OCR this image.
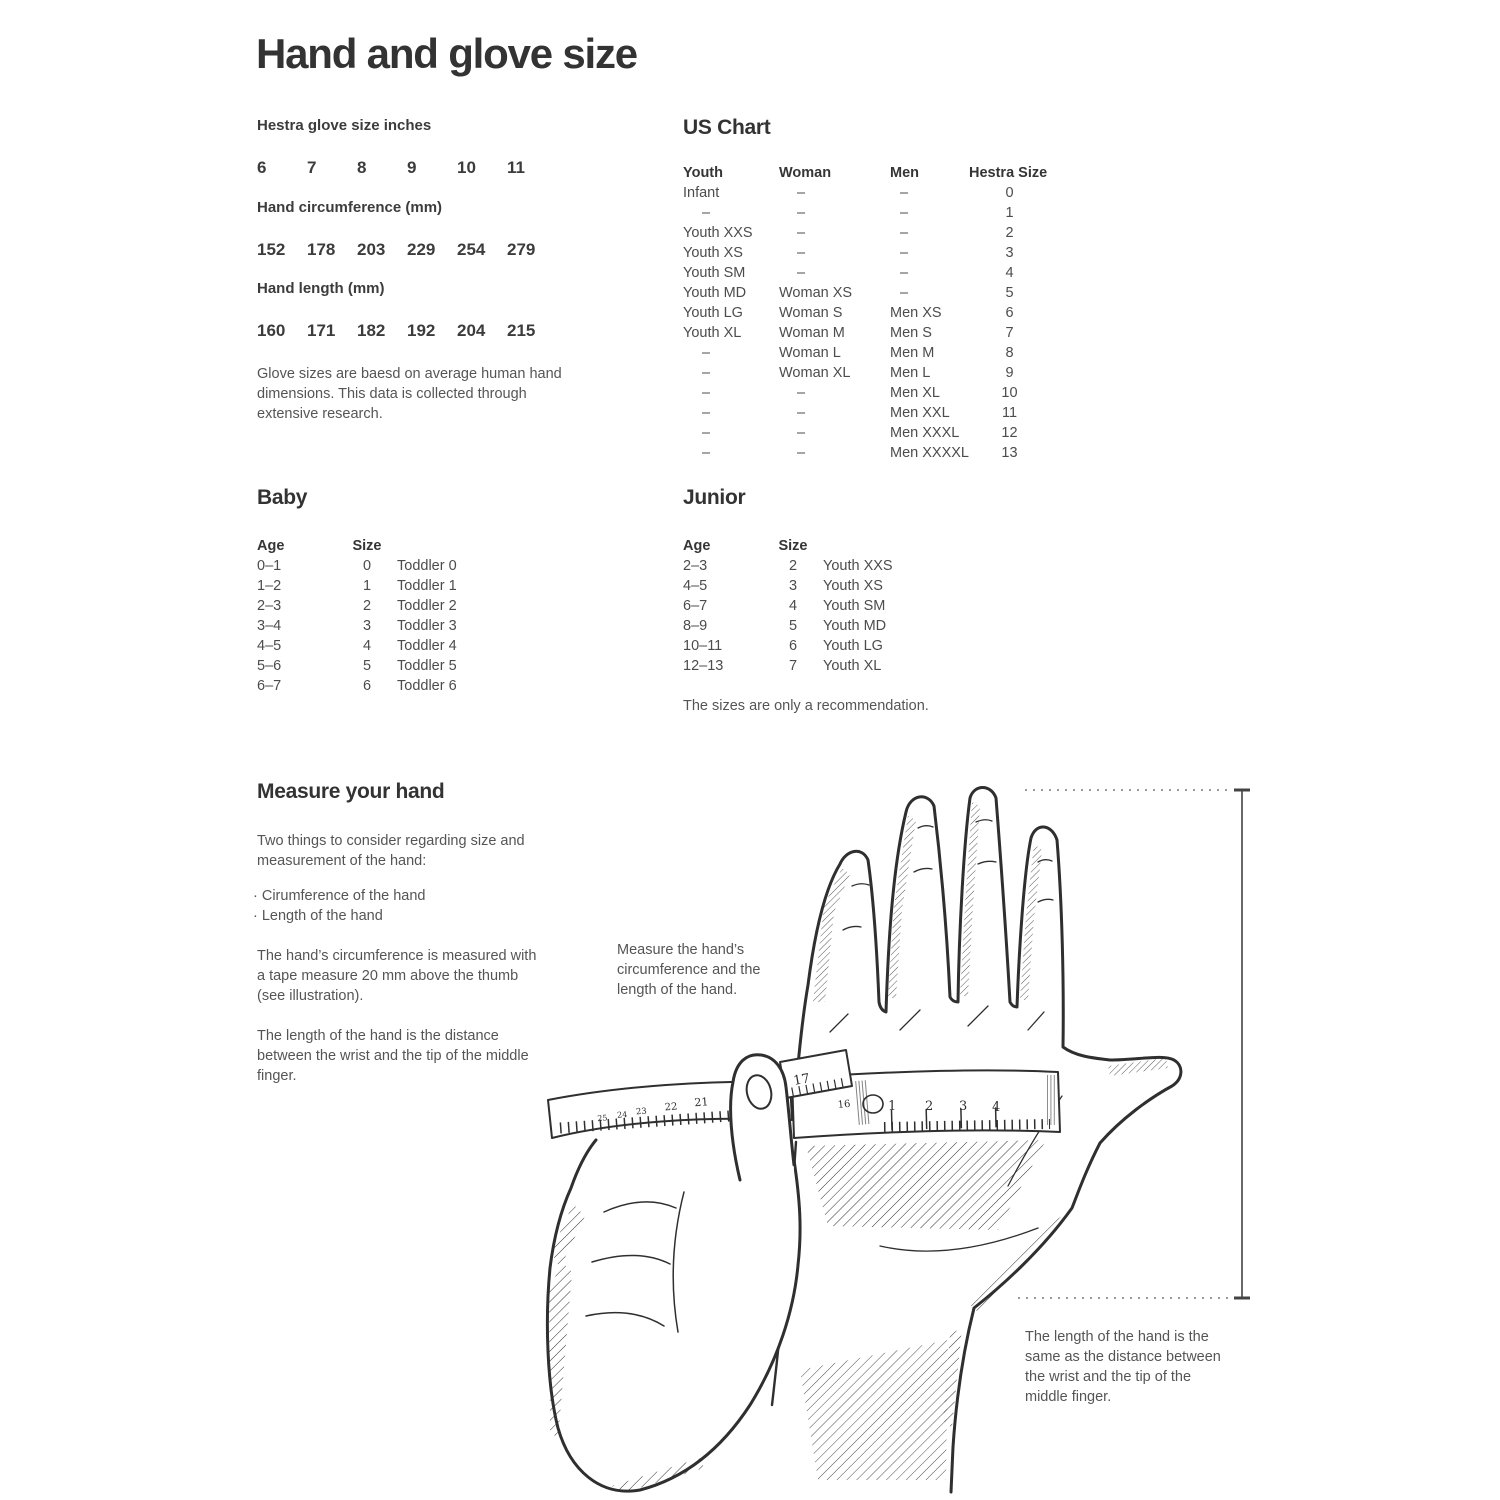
Hand and glove size
Hestra glove size inches
6	7	8	9	10	11
Hand circumference (mm)
152	178	203	229	254	279
Hand length (mm)
160	171	182	192	204	215
Glove sizes are baesd on average human hand
dimensions. This data is collected through
extensive research.
US Chart
Youth	Woman	Men	Hestra Size
Infant	–	–	0
–	–	–	1
Youth XXS	–	–	2
Youth XS	–	–	3
Youth SM	–	–	4
Youth MD	Woman XS	–	5
Youth LG	Woman S	Men XS	6
Youth XL	Woman M	Men S	7
–	Woman L	Men M	8
–	Woman XL	Men L	9
–	–	Men XL	10
–	–	Men XXL	11
–	–	Men XXXL	12
–	–	Men XXXXL	13
Baby
Age	Size
0–1	0	Toddler 0
1–2	1	Toddler 1
2–3	2	Toddler 2
3–4	3	Toddler 3
4–5	4	Toddler 4
5–6	5	Toddler 5
6–7	6	Toddler 6
Junior
Age	Size
2–3	2	Youth XXS
4–5	3	Youth XS
6–7	4	Youth SM
8–9	5	Youth MD
10–11	6	Youth LG
12–13	7	Youth XL
The sizes are only a recommendation.
Measure your hand
Two things to consider regarding size and
measurement of the hand:
· Cirumference of the hand
· Length of the hand
The hand’s circumference is measured with
a tape measure 20 mm above the thumb
(see illustration).
The length of the hand is the distance
between the wrist and the tip of the middle
finger.
25 24 23 22 21	16	1 2 3 4
17
Measure the hand’s
circumference and the
length of the hand.
The length of the hand is the
same as the distance between
the wrist and the tip of the
middle finger.
